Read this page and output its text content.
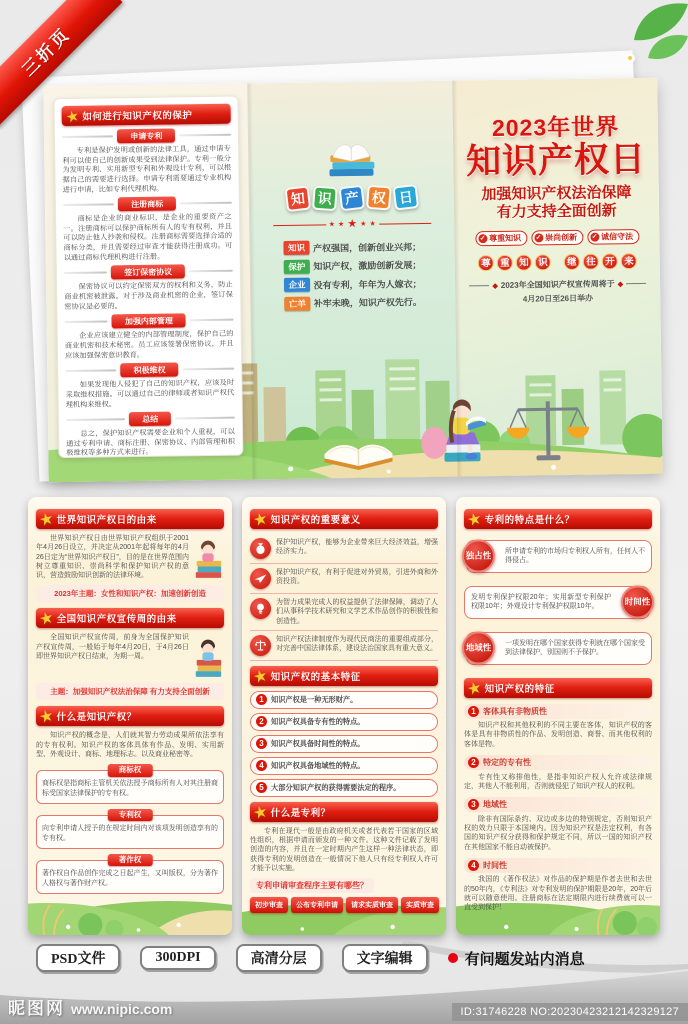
★ 如何进行知识产权的保护
申请专利

专利是保护发明或创新的法律工具，通过申请专利可以使自己的创新成果受到法律保护。专利一般分为发明专利、实用新型专利和外观设计专利，可以根据自己的需要进行选择。申请专利需要通过专业机构进行申请，比如专利代理机构。

注册商标

商标是企业的商业标识，是企业的重要资产之一。注册商标可以保护商标所有人的专有权利，并且可以防止他人抄袭和侵权。注册商标需要选择合适的商标分类，并且需要经过审查才能获得注册成功。可以通过商标代理机构进行注册。

签订保密协议

保密协议可以约定保密双方的权利和义务，防止商业机密被泄露。对于涉及商业机密的企业，签订保密协议是必要的。

加强内部管理

企业应该建立健全的内部管理制度，保护自己的商业机密和技术秘密。员工应该签署保密协议，并且应该加强保密意识教育。

积极维权

如果发现他人侵犯了自己的知识产权，应该及时采取维权措施。可以通过自己的律师或者知识产权代理机构来维权。

总结

总之，保护知识产权需要企业和个人重视，可以通过专利申请、商标注册、保密协议、内部管理和积极维权等多种方式来进行。

知 识 产 权 日
★ ★ ★ ★ ★
知识 产权强国，创新创业兴邦；
保护 知识产权，激励创新发展；
企业 没有专利，年年为人嫁衣；
亡羊 补牢未晚，知识产权先行。
2023年世界
知识产权日
加强知识产权法治保障
有力支持全面创新
✓ 尊重知识 ✓ 崇尚创新 ✓ 诚信守法
尊 重 知 识	继 往 开 来
◆ 2023年全国知识产权宣传周将于 ◆
4月20日至26日举办
★ 世界知识产权日的由来

世界知识产权日由世界知识产权组织于2001年4月26日设立，并决定从2001年起将每年的4月26日定为“世界知识产权日”，目的是在世界范围内树立尊重知识、崇尚科学和保护知识产权的意识，营造鼓励知识创新的法律环境。

2023年主题：女性和知识产权：加速创新创造
★ 全国知识产权宣传周的由来

全国知识产权宣传周，前身为全国保护知识产权宣传周，一般始于每年4月20日，于4月26日即世界知识产权日结束，为期一周。

主题：加强知识产权法治保障 有力支持全面创新
★ 什么是知识产权？

知识产权的概念是，人们就其智力劳动成果所依法享有的专有权利。知识产权的客体具体有作品、发明、实用新型、外观设计、商标、地理标志。以及商业秘密等。

商标权
商标权是指商标主管机关依法授予商标所有人对其注册商标受国家法律保护的专有权。
专利权
向专利申请人授予的在规定时间内对该项发明创造享有的专有权。
著作权
著作权自作品创作完成之日起产生，又叫版权，分为著作人格权与著作财产权。
★ 知识产权的重要意义
保护知识产权，能够为企业带来巨大经济效益，增强经济实力。
保护知识产权，有利于促进对外贸易，引进外商和外资投资。
为智力成果完成人的权益提供了法律保障，调动了人们从事科学技术研究和文学艺术作品创作的积极性和创造性。
知识产权法律制度作为现代民商法的重要组成部分，对完善中国法律体系，建设法治国家具有重大意义。
★ 知识产权的基本特征
1	知识产权是一种无形财产。
2	知识产权具备专有性的特点。
3	知识产权具备时间性的特点。
4	知识产权具备地域性的特点。
5	大部分知识产权的获得需要法定的程序。
★ 什么是专利？

专利在现代一般是由政府机关或者代表若干国家的区域性组织，根据申请而颁发的一种文件。这种文件记载了发明创造的内容，并且在一定时期内产生这样一种法律状态，即获得专利的发明创造在一般情况下他人只有经专利权人许可才能予以实施。

专利申请审查程序主要有哪些？
初步审查	公布专利申请	请求实质审查	实质审查
★ 专利的特点是什么？
独占性	所申请专利的市场归专利权人所有，任何人不得侵占。
时间性
发明专利保护权限20年；实用新型专利保护权限10年；外观设计专利保护权限10年。
地域性	一项发明在哪个国家获得专利就在哪个国家受到法律保护，别国则不予保护。
★ 知识产权的特征
1 客体具有非物质性

知识产权和其他权利的不同主要在客体，知识产权的客体是具有非物质性的作品、发明创造、商誉、而其他权利的客体是物。

2 特定的专有性

专有性又称排他性，是指非知识产权人允许或法律规定，其他人不能利用，否则就侵犯了知识产权人的权利。

3 地域性

除非有国际条约、双边或多边的特别规定，否则知识产权的效力只限于本国境内。因为知识产权是法定权利，有各国的知识产权分获得和保护规定不同，所以一国的知识产权在其他国家不能自动被保护。

4 时间性

我国的《著作权法》对作品的保护期是作者去世和去世的50年内，《专利法》对专利发明的保护期限是20年，20年后就可以随意使用。注册商标在法定期限内进行续费就可以一直受到保护！

三折页
昵图网 www.nipic.com	ID:31746228 NO:20230423212142329127
PSD文件	300DPI	高清分层	文字编辑	有问题发站内消息
